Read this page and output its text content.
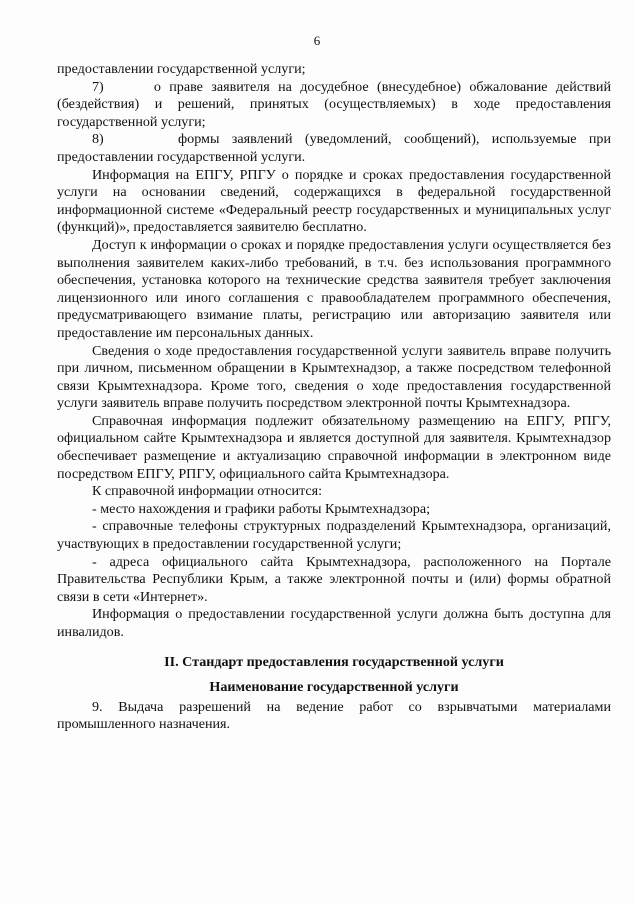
6

предоставлении государственной услуги;

7)      о праве заявителя на досудебное (внесудебное) обжалование действий (бездействия) и решений, принятых (осуществляемых) в ходе предоставления государственной услуги;

8)      формы заявлений (уведомлений, сообщений), используемые при предоставлении государственной услуги.

Информация на ЕПГУ, РПГУ о порядке и сроках предоставления государственной услуги на основании сведений, содержащихся в федеральной государственной информационной системе «Федеральный реестр государственных и муниципальных услуг (функций)», предоставляется заявителю бесплатно.

Доступ к информации о сроках и порядке предоставления услуги осуществляется без выполнения заявителем каких-либо требований, в т.ч. без использования программного обеспечения, установка которого на технические средства заявителя требует заключения лицензионного или иного соглашения с правообладателем программного обеспечения, предусматривающего взимание платы, регистрацию или авторизацию заявителя или предоставление им персональных данных.

Сведения о ходе предоставления государственной услуги заявитель вправе получить при личном, письменном обращении в Крымтехнадзор, а также посредством телефонной связи Крымтехнадзора. Кроме того, сведения о ходе предоставления государственной услуги заявитель вправе получить посредством электронной почты Крымтехнадзора.

Справочная информация подлежит обязательному размещению на ЕПГУ, РПГУ, официальном сайте Крымтехнадзора и является доступной для заявителя. Крымтехнадзор обеспечивает размещение и актуализацию справочной информации в электронном виде посредством ЕПГУ, РПГУ, официального сайта Крымтехнадзора.

К справочной информации относится:

- место нахождения и графики работы Крымтехнадзора;

- справочные телефоны структурных подразделений Крымтехнадзора, организаций, участвующих в предоставлении государственной услуги;

- адреса официального сайта Крымтехнадзора, расположенного на Портале Правительства Республики Крым, а также электронной почты и (или) формы обратной связи в сети «Интернет».

Информация о предоставлении государственной услуги должна быть доступна для инвалидов.

II. Стандарт предоставления государственной услуги

Наименование государственной услуги

9. Выдача разрешений на ведение работ со взрывчатыми материалами промышленного назначения.
